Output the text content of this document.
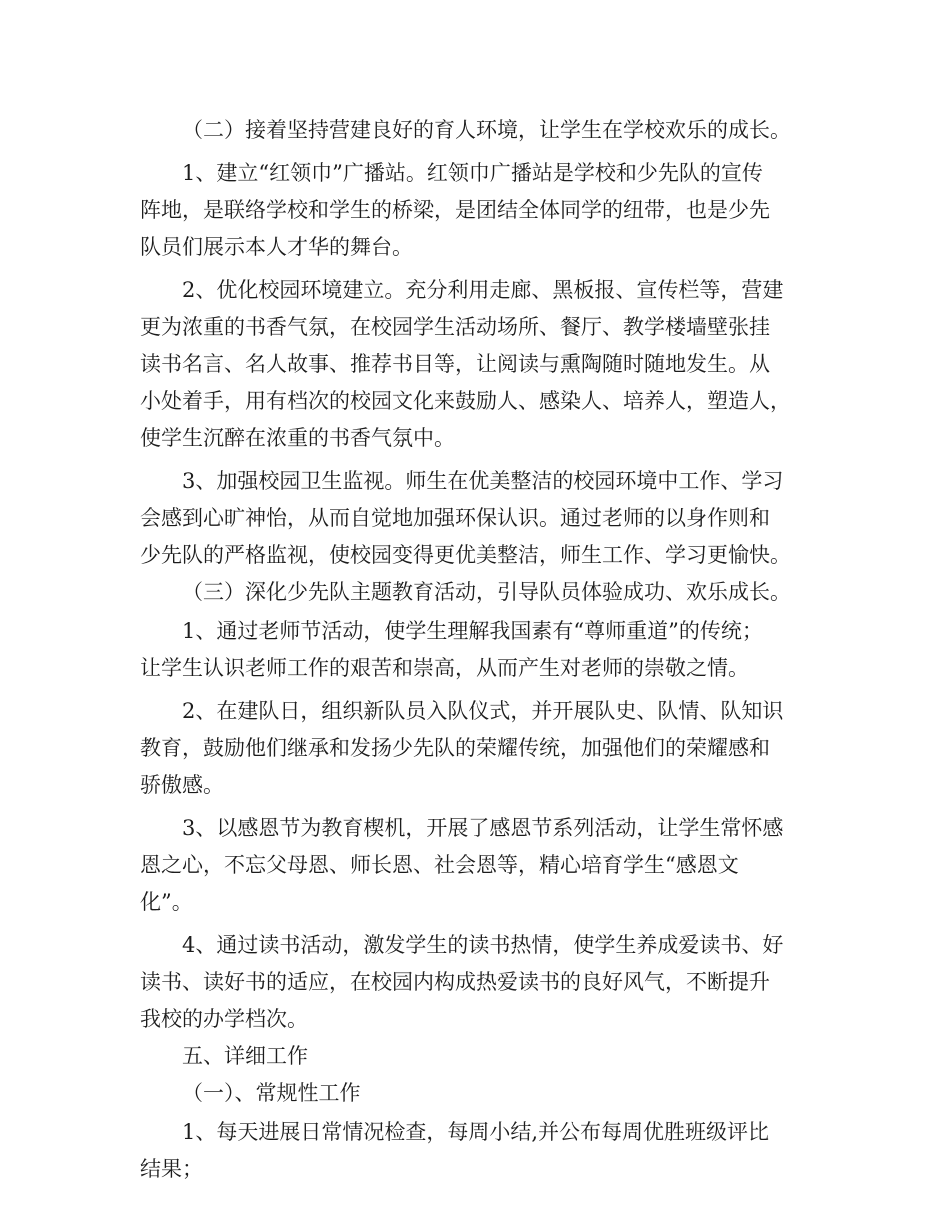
（二）接着坚持营建良好的育人环境，让学生在学校欢乐的成长。
1、建立“红领巾”广播站。红领巾广播站是学校和少先队的宣传
阵地，是联络学校和学生的桥梁，是团结全体同学的纽带，也是少先
队员们展示本人才华的舞台。
2、优化校园环境建立。充分利用走廊、黑板报、宣传栏等，营建
更为浓重的书香气氛，在校园学生活动场所、餐厅、教学楼墙壁张挂
读书名言、名人故事、推荐书目等，让阅读与熏陶随时随地发生。从
小处着手，用有档次的校园文化来鼓励人、感染人、培养人，塑造人，
使学生沉醉在浓重的书香气氛中。
3、加强校园卫生监视。师生在优美整洁的校园环境中工作、学习
会感到心旷神怡，从而自觉地加强环保认识。通过老师的以身作则和
少先队的严格监视，使校园变得更优美整洁，师生工作、学习更愉快。
（三）深化少先队主题教育活动，引导队员体验成功、欢乐成长。
1、通过老师节活动，使学生理解我国素有“尊师重道”的传统；
让学生认识老师工作的艰苦和崇高，从而产生对老师的崇敬之情。
2、在建队日，组织新队员入队仪式，并开展队史、队情、队知识
教育，鼓励他们继承和发扬少先队的荣耀传统，加强他们的荣耀感和
骄傲感。
3、以感恩节为教育楔机，开展了感恩节系列活动，让学生常怀感
恩之心，不忘父母恩、师长恩、社会恩等，精心培育学生“感恩文
化”。
4、通过读书活动，激发学生的读书热情，使学生养成爱读书、好
读书、读好书的适应，在校园内构成热爱读书的良好风气，不断提升
我校的办学档次。
五、详细工作
（一）、常规性工作
1、每天进展日常情况检查，每周小结,并公布每周优胜班级评比
结果；
